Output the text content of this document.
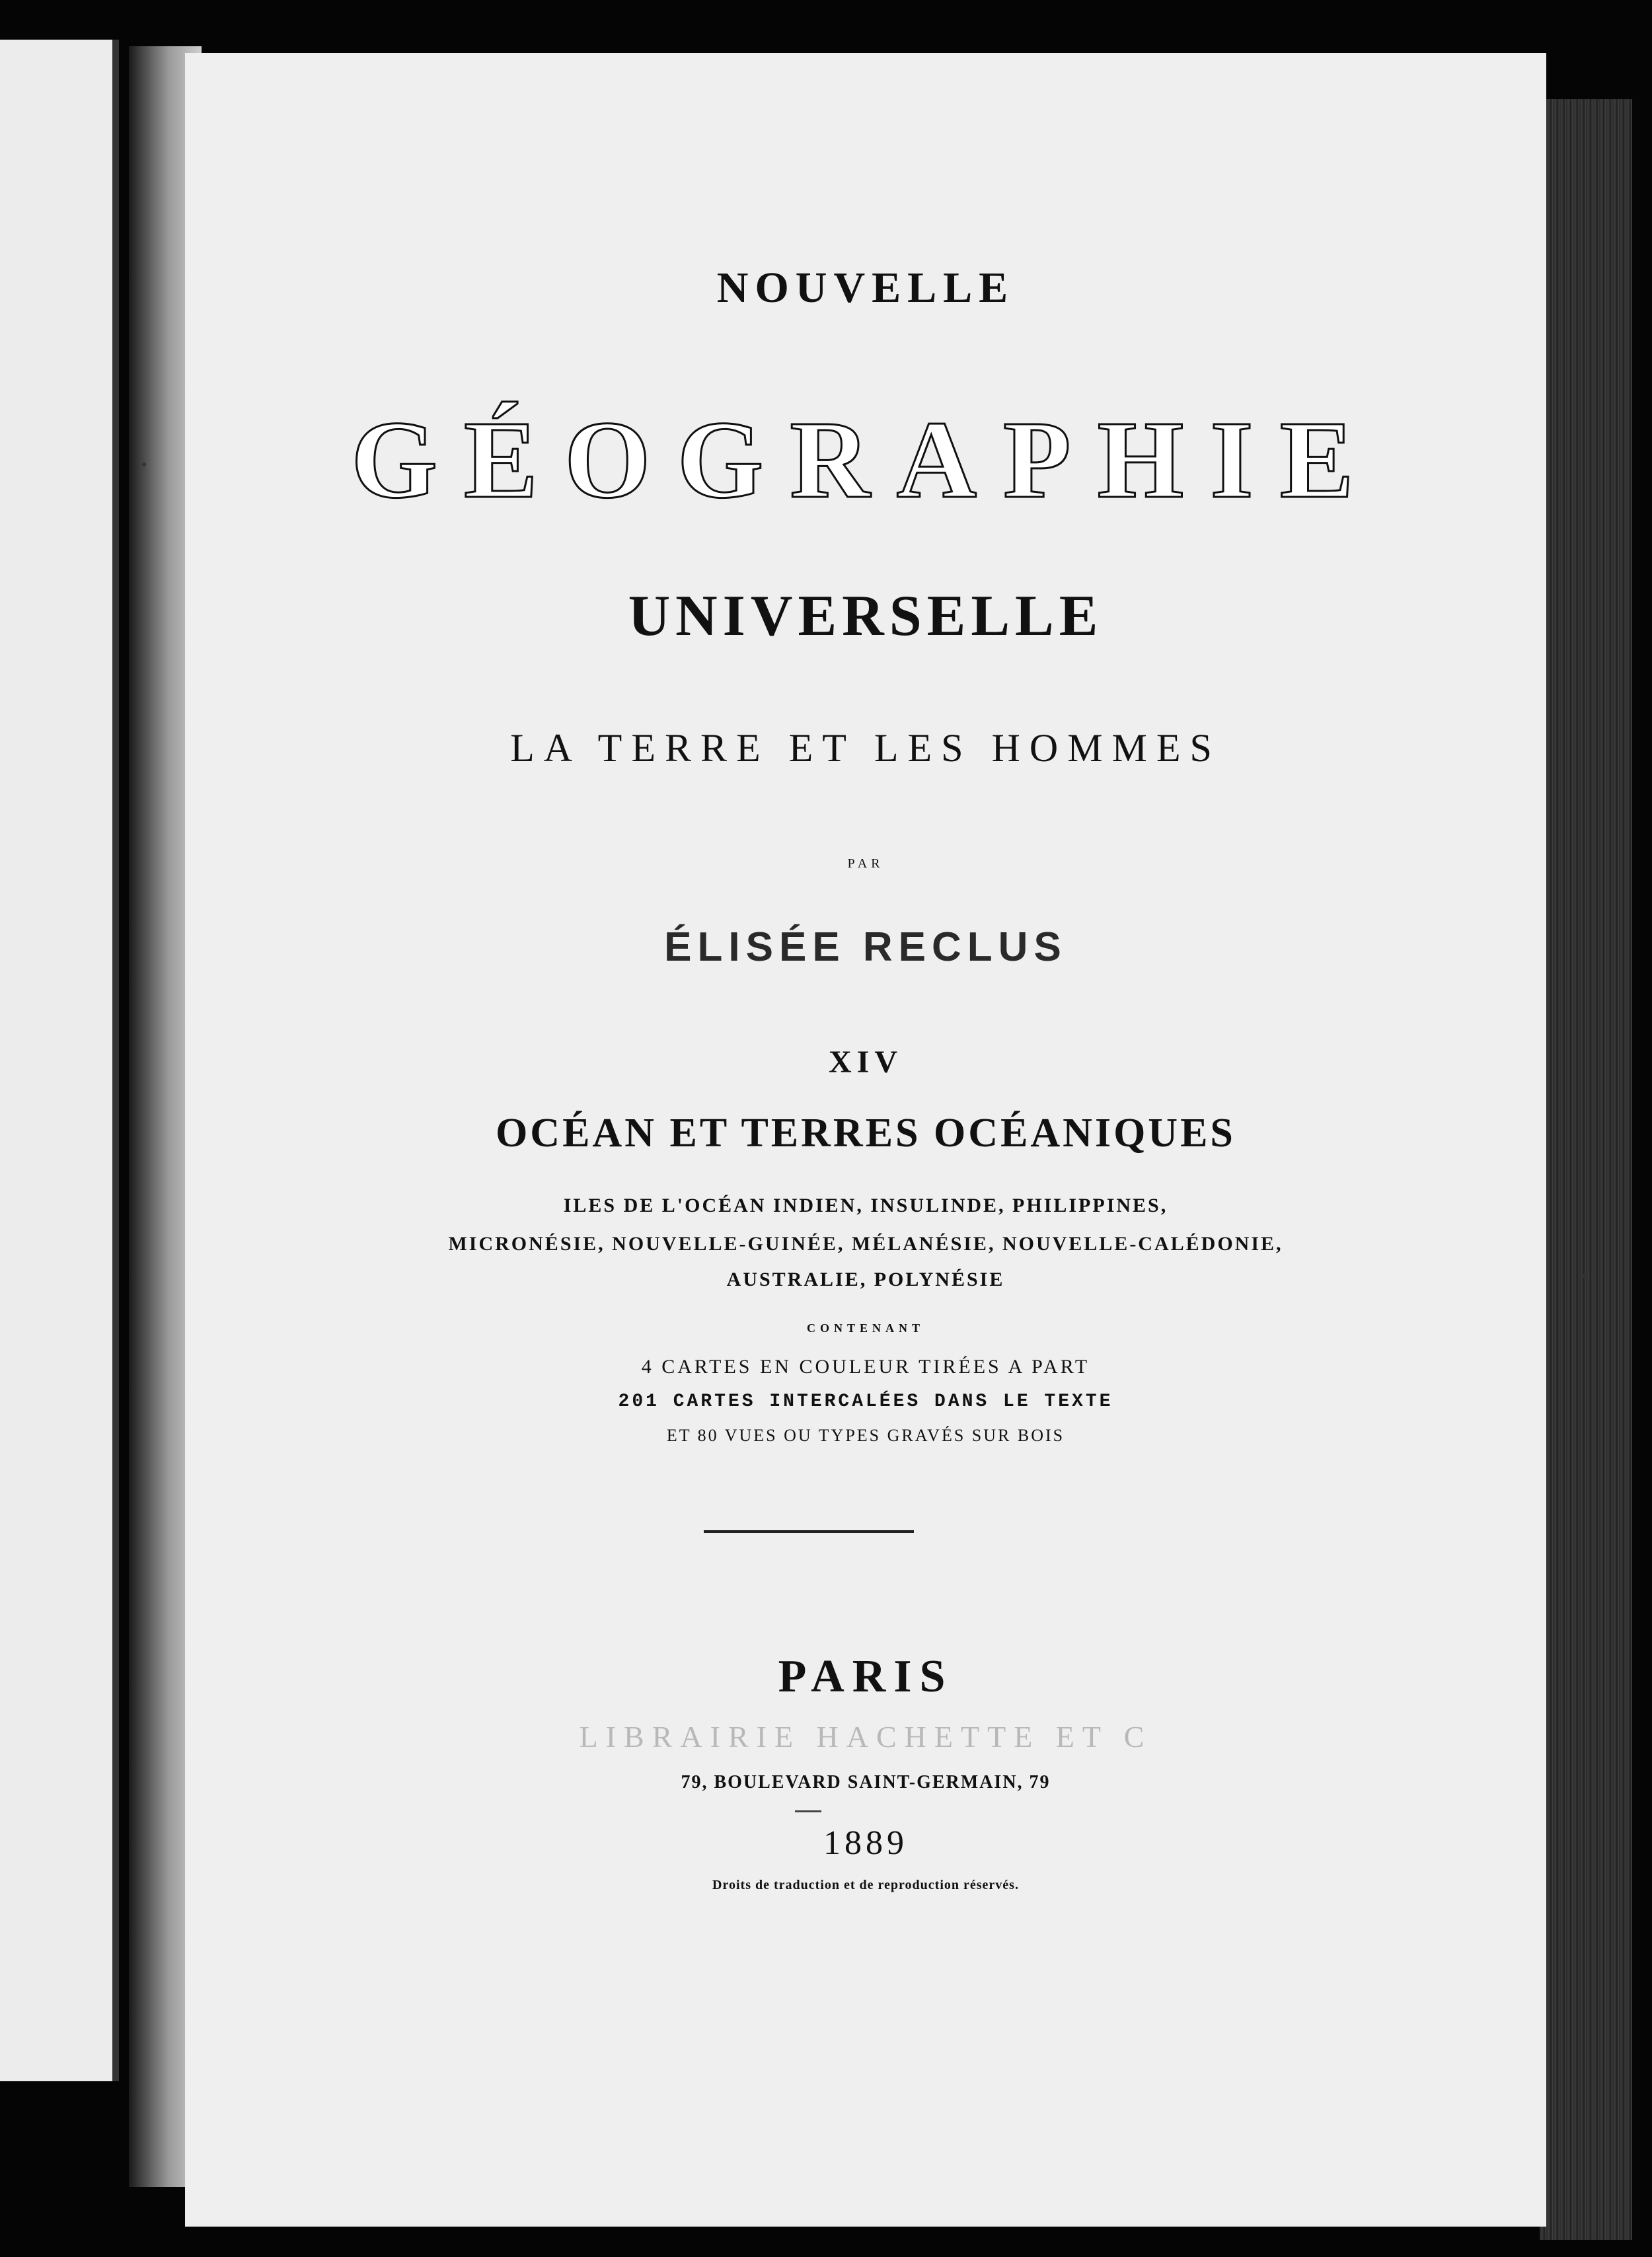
NOUVELLE
GÉOGRAPHIE
UNIVERSELLE
LA TERRE ET LES HOMMES
PAR
ÉLISÉE RECLUS
XIV
OCÉAN ET TERRES OCÉANIQUES
ILES DE L'OCÉAN INDIEN, INSULINDE, PHILIPPINES,
MICRONÉSIE, NOUVELLE-GUINÉE, MÉLANÉSIE, NOUVELLE-CALÉDONIE,
AUSTRALIE, POLYNÉSIE
CONTENANT
4 CARTES EN COULEUR TIRÉES A PART
201 CARTES INTERCALÉES DANS LE TEXTE
ET 80 VUES OU TYPES GRAVÉS SUR BOIS
PARIS
LIBRAIRIE HACHETTE ET C
79, BOULEVARD SAINT-GERMAIN, 79
1889
Droits de traduction et de reproduction réservés.
